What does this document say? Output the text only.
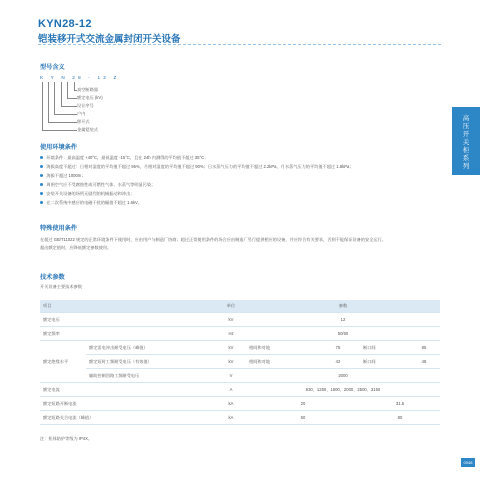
KYN28-12
铠装移开式交流金属封闭开关设备
高
压
开
关
柜
系
列
型号含义
K Y N 28 - 12 Z
真空断路器
额定电压 (kV)
设计序号
户内
移开式
金属铠装式
使用环境条件
环境条件：最高温度 +40°C，最低温度 -15°C，且在 24h 内测得的平均值不超过 35°C；
海拔高度不超过：日相对湿度的平均值不超过 95%，月相对湿度的平均值不超过 90%；日水蒸气压力的平均值不超过 2.2kPa，月水蒸气压力的平均值不超过 1.8kPa；
海拔不超过 1000m；
周围空气应不受腐蚀性或可燃性气体、水蒸气等明显污染；
安装开关设备的场所无剧烈的机械振动和冲击；
在二次系统中感应的电磁干扰的幅值不超过 1.6kV。
特殊使用条件
在超过 GB/T11022 规定的正常环境条件下使用时，应由用户与制造厂协商；超过正常使用条件的场合应由制造厂另行提供相应的设备，并应符合有关要求，否则不能保证设备的安全运行。
超出额定值时，应降低额定参数使用。
技术参数
开关设备主要技术参数
项目		单位	参数			
额定电压		kV	12			
额定频率		Hz	50/60			
额定绝缘水平	额定雷电冲击耐受电压（峰值）	kV	相间和对地	75	断口间	85
	额定短时工频耐受电压（有效值）	kV	相间和对地	42	断口间	48
	辅助控制回路工频耐受电压	V	2000			
额定电流		A	630、1250、1600、2000、2500、3150			
额定短路开断电流		kA	20		31.5	
额定短路关合电流（峰值）		kA	50		80	
注：柜体防护等级为 IP4X。
0048
